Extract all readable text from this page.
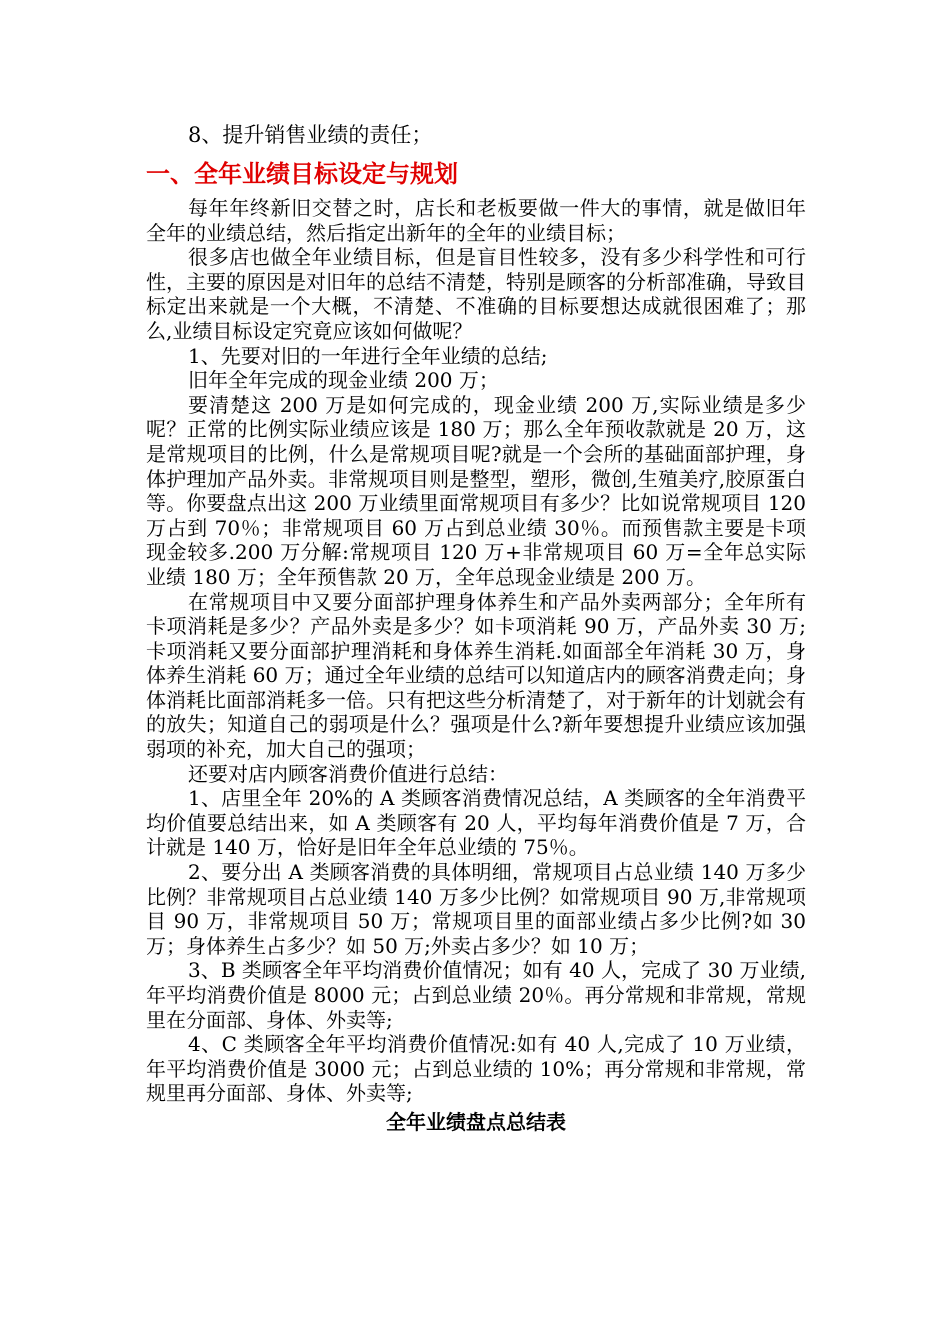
8、提升销售业绩的责任；

一、全年业绩目标设定与规划

每年年终新旧交替之时，店长和老板要做一件大的事情，就是做旧年全年的业绩总结，然后指定出新年的全年的业绩目标；

很多店也做全年业绩目标，但是盲目性较多，没有多少科学性和可行性，主要的原因是对旧年的总结不清楚，特别是顾客的分析部准确，导致目标定出来就是一个大概，不清楚、不准确的目标要想达成就很困难了；那么,业绩目标设定究竟应该如何做呢？

1、先要对旧的一年进行全年业绩的总结;

旧年全年完成的现金业绩 200 万；

要清楚这 200 万是如何完成的，现金业绩 200 万,实际业绩是多少呢？正常的比例实际业绩应该是 180 万；那么全年预收款就是 20 万，这是常规项目的比例，什么是常规项目呢?就是一个会所的基础面部护理，身体护理加产品外卖。非常规项目则是整型，塑形，微创,生殖美疗,胶原蛋白等。你要盘点出这 200 万业绩里面常规项目有多少？比如说常规项目 120 万占到 70％；非常规项目 60 万占到总业绩 30％。而预售款主要是卡项现金较多.200 万分解:常规项目 120 万+非常规项目 60 万=全年总实际业绩 180 万；全年预售款 20 万，全年总现金业绩是 200 万。

在常规项目中又要分面部护理身体养生和产品外卖两部分；全年所有卡项消耗是多少？产品外卖是多少？如卡项消耗 90 万，产品外卖 30 万;卡项消耗又要分面部护理消耗和身体养生消耗.如面部全年消耗 30 万，身体养生消耗 60 万；通过全年业绩的总结可以知道店内的顾客消费走向；身体消耗比面部消耗多一倍。只有把这些分析清楚了，对于新年的计划就会有的放失；知道自己的弱项是什么？强项是什么?新年要想提升业绩应该加强弱项的补充，加大自己的强项；

还要对店内顾客消费价值进行总结：

1、店里全年 20%的 A 类顾客消费情况总结，A 类顾客的全年消费平均价值要总结出来，如 A 类顾客有 20 人，平均每年消费价值是 7 万，合计就是 140 万，恰好是旧年全年总业绩的 75％。

2、要分出 A 类顾客消费的具体明细，常规项目占总业绩 140 万多少比例？非常规项目占总业绩 140 万多少比例？如常规项目 90 万,非常规项目 90 万，非常规项目 50 万；常规项目里的面部业绩占多少比例?如 30 万；身体养生占多少？如 50 万;外卖占多少？如 10 万；

3、B 类顾客全年平均消费价值情况；如有 40 人，完成了 30 万业绩,年平均消费价值是 8000 元；占到总业绩 20％。再分常规和非常规，常规里在分面部、身体、外卖等;

4、C 类顾客全年平均消费价值情况:如有 40 人,完成了 10 万业绩，年平均消费价值是 3000 元；占到总业绩的 10%；再分常规和非常规，常规里再分面部、身体、外卖等;

全年业绩盘点总结表
